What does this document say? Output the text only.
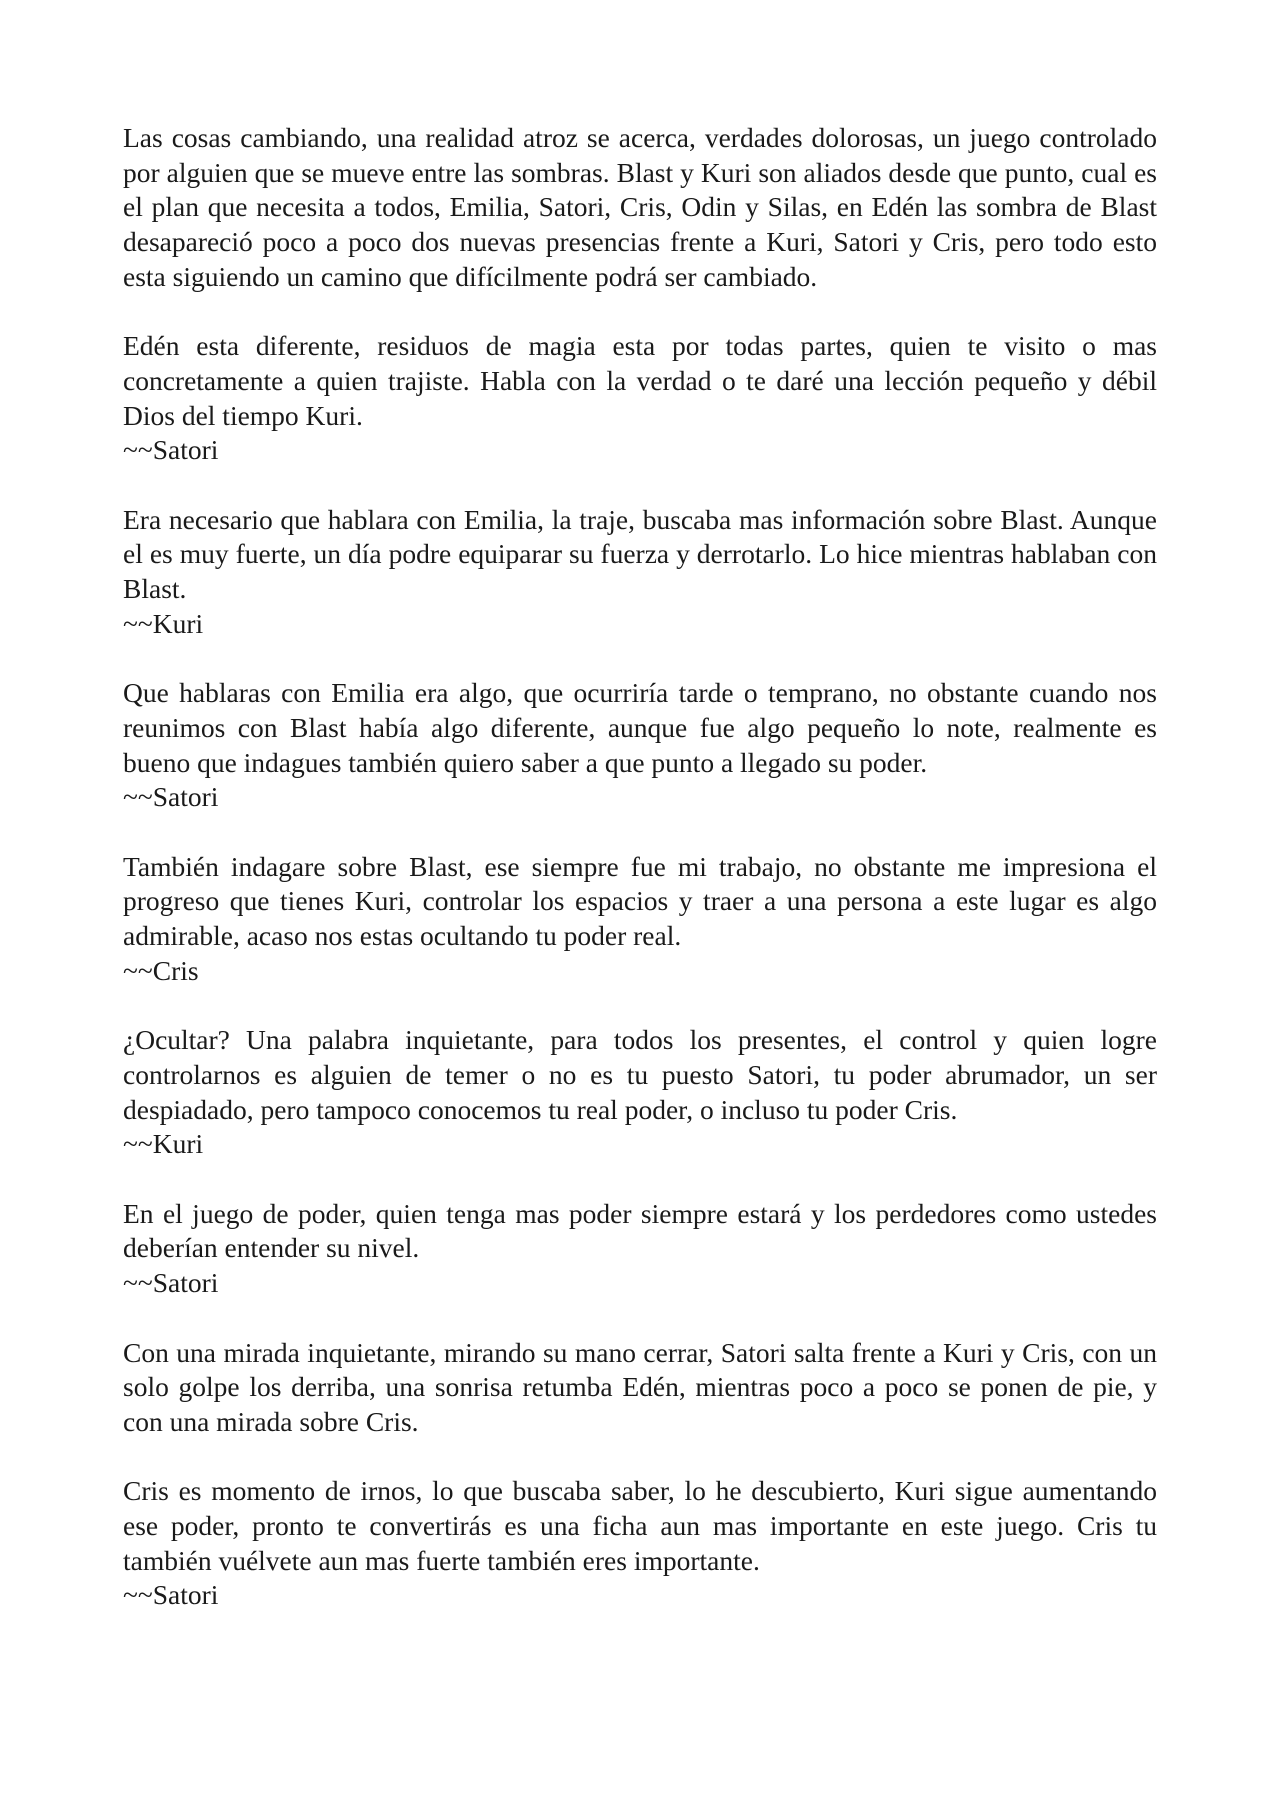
Las cosas cambiando, una realidad atroz se acerca, verdades dolorosas, un juego controlado por alguien que se mueve entre las sombras. Blast y Kuri son aliados desde que punto, cual es el plan que necesita a todos, Emilia, Satori, Cris, Odin y Silas, en Edén las sombra de Blast desapareció poco a poco dos nuevas presencias frente a Kuri, Satori y Cris, pero todo esto esta siguiendo un camino que difícilmente podrá ser cambiado.
Edén esta diferente, residuos de magia esta por todas partes, quien te visito o mas concretamente a quien trajiste. Habla con la verdad o te daré una lección pequeño y débil Dios del tiempo Kuri.
~~Satori
Era necesario que hablara con Emilia, la traje, buscaba mas información sobre Blast. Aunque el es muy fuerte, un día podre equiparar su fuerza y derrotarlo. Lo hice mientras hablaban con Blast.
~~Kuri
Que hablaras con Emilia era algo, que ocurriría tarde o temprano, no obstante cuando nos reunimos con Blast había algo diferente, aunque fue algo pequeño lo note, realmente es bueno que indagues también quiero saber a que punto a llegado su poder.
~~Satori
También indagare sobre Blast, ese siempre fue mi trabajo, no obstante me impresiona el progreso que tienes Kuri, controlar los espacios y traer a una persona a este lugar es algo admirable, acaso nos estas ocultando tu poder real.
~~Cris
¿Ocultar? Una palabra inquietante, para todos los presentes, el control y quien logre controlarnos es alguien de temer o no es tu puesto Satori, tu poder abrumador, un ser despiadado, pero tampoco conocemos tu real poder, o incluso tu poder Cris.
~~Kuri
En el juego de poder, quien tenga mas poder siempre estará y los perdedores como ustedes deberían entender su nivel.
~~Satori
Con una mirada inquietante, mirando su mano cerrar, Satori salta frente a Kuri y Cris, con un solo golpe los derriba, una sonrisa retumba Edén, mientras poco a poco se ponen de pie, y con una mirada sobre Cris.
Cris es momento de irnos, lo que buscaba saber, lo he descubierto, Kuri sigue aumentando ese poder, pronto te convertirás es una ficha aun mas importante en este juego. Cris tu también vuélvete aun mas fuerte también eres importante.
~~Satori
